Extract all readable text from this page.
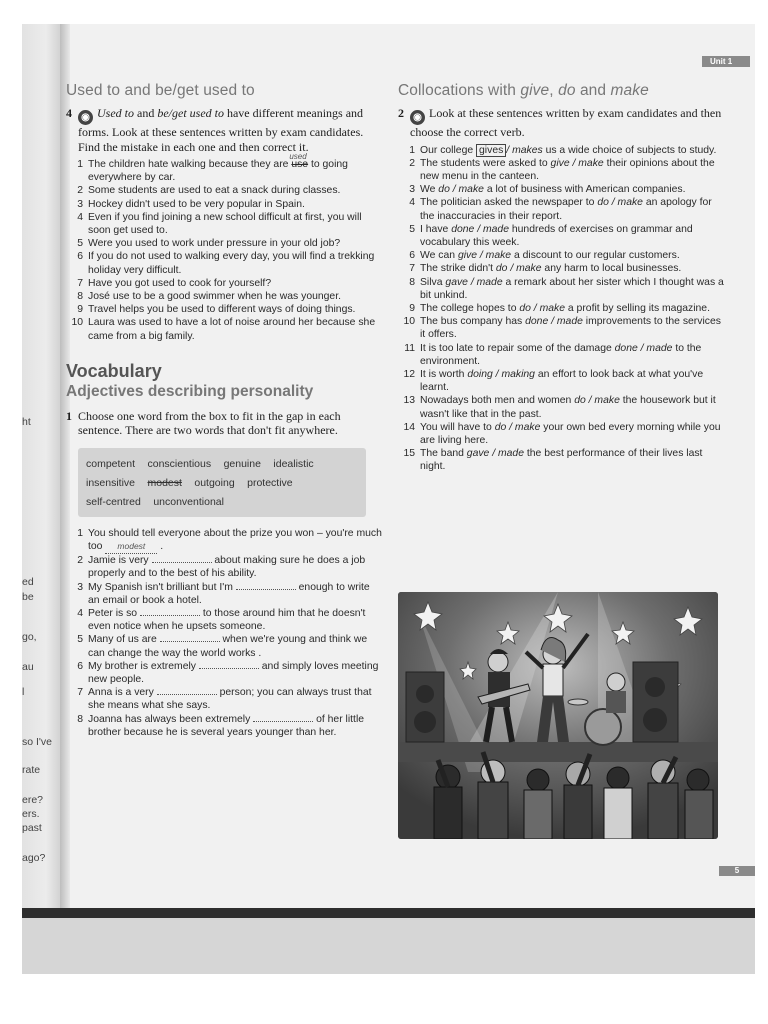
ht
ed
be
go,
au
l
so I've
rate
ere?
ers.
past
ago?
Unit 1
Used to and be/get used to
4 ◉ Used to and be/get used to have different meanings and forms. Look at these sentences written by exam candidates. Find the mistake in each one and then correct it.
1 The children hate walking because they are
used
use to going everywhere by car.
2 Some students are used to eat a snack during classes.
3 Hockey didn't used to be very popular in Spain.
4 Even if you find joining a new school difficult at first, you will soon get used to.
5 Were you used to work under pressure in your old job?
6 If you do not used to walking every day, you will find a trekking holiday very difficult.
7 Have you got used to cook for yourself?
8 José use to be a good swimmer when he was younger.
9 Travel helps you be used to different ways of doing things.
10 Laura was used to have a lot of noise around her because she came from a big family.
Vocabulary
Adjectives describing personality
1 Choose one word from the box to fit in the gap in each sentence. There are two words that don't fit anywhere.
competent conscientious genuine idealistic insensitive modest outgoing protective self-centred unconventional
1 You should tell everyone about the prize you won – you're much too modest .
2 Jamie is very	about making sure he does a job properly and to the best of his ability.
3 My Spanish isn't brilliant but I'm	enough to write an email or book a hotel.
4 Peter is so	to those around him that he doesn't even notice when he upsets someone.
5 Many of us are	when we're young and think we can change the way the world works .
6 My brother is extremely	and simply loves meeting new people.
7 Anna is a very	person; you can always trust that she means what she says.
8 Joanna has always been extremely	of her little brother because he is several years younger than her.
Collocations with give, do and make
2 ◉ Look at these sentences written by exam candidates and then choose the correct verb.
1 Our college gives / makes us a wide choice of subjects to study.
2 The students were asked to give / make their opinions about the new menu in the canteen.
3 We do / make a lot of business with American companies.
4 The politician asked the newspaper to do / make an apology for the inaccuracies in their report.
5 I have done / made hundreds of exercises on grammar and vocabulary this week.
6 We can give / make a discount to our regular customers.
7 The strike didn't do / make any harm to local businesses.
8 Silva gave / made a remark about her sister which I thought was a bit unkind.
9 The college hopes to do / make a profit by selling its magazine.
10 The bus company has done / made improvements to the services it offers.
11 It is too late to repair some of the damage done / made to the environment.
12 It is worth doing / making an effort to look back at what you've learnt.
13 Nowadays both men and women do / make the housework but it wasn't like that in the past.
14 You will have to do / make your own bed every morning while you are living here.
15 The band gave / made the best performance of their lives last night.
5
